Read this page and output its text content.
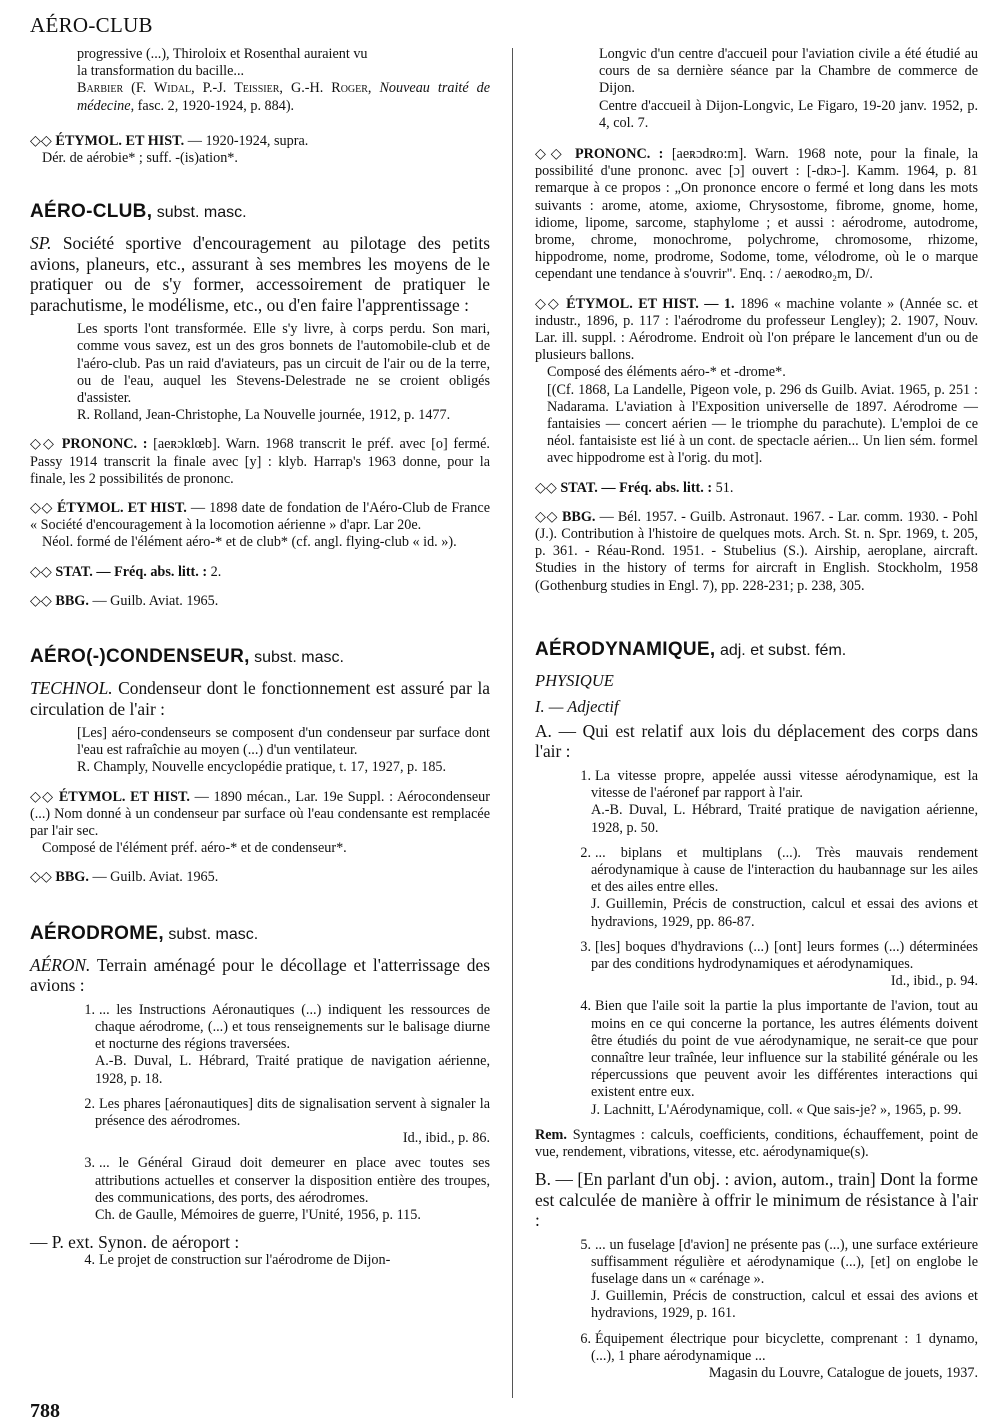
AÉRO-CLUB

progressive (...), Thiroloix et Rosenthal auraient vu

la transformation du bacille...

Barbier (F. Widal, P.-J. Teissier, G.-H. Roger, Nouveau traité de médecine, fasc. 2, 1920-1924, p. 884).

◇◇ ÉTYMOL. ET HIST. — 1920-1924, supra.

Dér. de aérobie* ; suff. -(is)ation*.

AÉRO-CLUB, subst. masc.

SP. Société sportive d'encouragement au pilotage des petits avions, planeurs, etc., assurant à ses membres les moyens de le pratiquer ou de s'y former, accessoirement de pratiquer le parachutisme, le modélisme, etc., ou d'en faire l'apprentissage :

Les sports l'ont transformée. Elle s'y livre, à corps perdu. Son mari, comme vous savez, est un des gros bonnets de l'automobile-club et de l'aéro-club. Pas un raid d'aviateurs, pas un circuit de l'air ou de la terre, ou de l'eau, auquel les Stevens-Delestrade ne se croient obligés d'assister.

R. Rolland, Jean-Christophe, La Nouvelle journée, 1912, p. 1477.

◇◇ PRONONC. : [aeʀɔklœb]. Warn. 1968 transcrit le préf. avec [o] fermé. Passy 1914 transcrit la finale avec [y] : klyb. Harrap's 1963 donne, pour la finale, les 2 possibilités de prononc.
◇◇ ÉTYMOL. ET HIST. — 1898 date de fondation de l'Aéro-Club de France « Société d'encouragement à la locomotion aérienne » d'apr. Lar 20e.

Néol. formé de l'élément aéro-* et de club* (cf. angl. flying-club « id. »).

◇◇ STAT. — Fréq. abs. litt. : 2.
◇◇ BBG. — Guilb. Aviat. 1965.
AÉRO(-)CONDENSEUR, subst. masc.

TECHNOL. Condenseur dont le fonctionnement est assuré par la circulation de l'air :

[Les] aéro-condenseurs se composent d'un condenseur par surface dont l'eau est rafraîchie au moyen (...) d'un ventilateur.

R. Champly, Nouvelle encyclopédie pratique, t. 17, 1927, p. 185.

◇◇ ÉTYMOL. ET HIST. — 1890 mécan., Lar. 19e Suppl. : Aérocondenseur (...) Nom donné à un condenseur par surface où l'eau condensante est remplacée par l'air sec.

Composé de l'élément préf. aéro-* et de condenseur*.

◇◇ BBG. — Guilb. Aviat. 1965.
AÉRODROME, subst. masc.

AÉRON. Terrain aménagé pour le décollage et l'atterrissage des avions :

1. ... les Instructions Aéronautiques (...) indiquent les ressources de chaque aérodrome, (...) et tous renseignements sur le balisage diurne et nocturne des régions traversées.

A.-B. Duval, L. Hébrard, Traité pratique de navigation aérienne, 1928, p. 18.

2. Les phares [aéronautiques] dits de signalisation servent à signaler la présence des aérodromes.

Id., ibid., p. 86.

3. ... le Général Giraud doit demeurer en place avec toutes ses attributions actuelles et conserver la disposition entière des troupes, des communications, des ports, des aérodromes.

Ch. de Gaulle, Mémoires de guerre, l'Unité, 1956, p. 115.

— P. ext. Synon. de aéroport :

4. Le projet de construction sur l'aérodrome de Dijon-

Longvic d'un centre d'accueil pour l'aviation civile a été étudié au cours de sa dernière séance par la Chambre de commerce de Dijon.

Centre d'accueil à Dijon-Longvic, Le Figaro, 19-20 janv. 1952, p. 4, col. 7.

◇◇ PRONONC. : [aeʀɔdʀo:m]. Warn. 1968 note, pour la finale, la possibilité d'une prononc. avec [ɔ] ouvert : [-dʀɔ-]. Kamm. 1964, p. 81 remarque à ce propos : „On prononce encore o fermé et long dans les mots suivants : arome, atome, axiome, Chrysostome, fibrome, gnome, home, idiome, lipome, sarcome, staphylome ; et aussi : aérodrome, autodrome, brome, chrome, monochrome, polychrome, chromosome, rhizome, hippodrome, nome, prodrome, Sodome, tome, vélodrome, où le o marque cependant une tendance à s'ouvrir". Enq. : / aeʀodʀo₂m, D/.
◇◇ ÉTYMOL. ET HIST. — 1. 1896 « machine volante » (Année sc. et industr., 1896, p. 117 : l'aérodrome du professeur Lengley); 2. 1907, Nouv. Lar. ill. suppl. : Aérodrome. Endroit où l'on prépare le lancement d'un ou de plusieurs ballons.

Composé des éléments aéro-* et -drome*.

[(Cf. 1868, La Landelle, Pigeon vole, p. 296 ds Guilb. Aviat. 1965, p. 251 : Nadarama. L'aviation à l'Exposition universelle de 1897. Aérodrome — fantaisies — concert aérien — le triomphe du parachute). L'emploi de ce néol. fantaisiste est lié à un cont. de spectacle aérien... Un lien sém. formel avec hippodrome est à l'orig. du mot].

◇◇ STAT. — Fréq. abs. litt. : 51.
◇◇ BBG. — Bél. 1957. - Guilb. Astronaut. 1967. - Lar. comm. 1930. - Pohl (J.). Contribution à l'histoire de quelques mots. Arch. St. n. Spr. 1969, t. 205, p. 361. - Réau-Rond. 1951. - Stubelius (S.). Airship, aeroplane, aircraft. Studies in the history of terms for aircraft in English. Stockholm, 1958 (Gothenburg studies in Engl. 7), pp. 228-231; p. 238, 305.
AÉRODYNAMIQUE, adj. et subst. fém.

PHYSIQUE

I. — Adjectif

A. — Qui est relatif aux lois du déplacement des corps dans l'air :

1. La vitesse propre, appelée aussi vitesse aérodynamique, est la vitesse de l'aéronef par rapport à l'air.

A.-B. Duval, L. Hébrard, Traité pratique de navigation aérienne, 1928, p. 50.

2. ... biplans et multiplans (...). Très mauvais rendement aérodynamique à cause de l'interaction du haubannage sur les ailes et des ailes entre elles.

J. Guillemin, Précis de construction, calcul et essai des avions et hydravions, 1929, pp. 86-87.

3. [les] boques d'hydravions (...) [ont] leurs formes (...) déterminées par des conditions hydrodynamiques et aérodynamiques.

Id., ibid., p. 94.

4. Bien que l'aile soit la partie la plus importante de l'avion, tout au moins en ce qui concerne la portance, les autres éléments doivent être étudiés du point de vue aérodynamique, ne serait-ce que pour connaître leur traînée, leur influence sur la stabilité générale ou les répercussions que peuvent avoir les différentes interactions qui existent entre eux.

J. Lachnitt, L'Aérodynamique, coll. « Que sais-je? », 1965, p. 99.

Rem. Syntagmes : calculs, coefficients, conditions, échauffement, point de vue, rendement, vibrations, vitesse, etc. aérodynamique(s).

B. — [En parlant d'un obj. : avion, autom., train] Dont la forme est calculée de manière à offrir le minimum de résistance à l'air :

5. ... un fuselage [d'avion] ne présente pas (...), une surface extérieure suffisamment régulière et aérodynamique (...), [et] on englobe le fuselage dans un « carénage ».

J. Guillemin, Précis de construction, calcul et essai des avions et hydravions, 1929, p. 161.

6. Équipement électrique pour bicyclette, comprenant : 1 dynamo, (...), 1 phare aérodynamique ...

Magasin du Louvre, Catalogue de jouets, 1937.

788
